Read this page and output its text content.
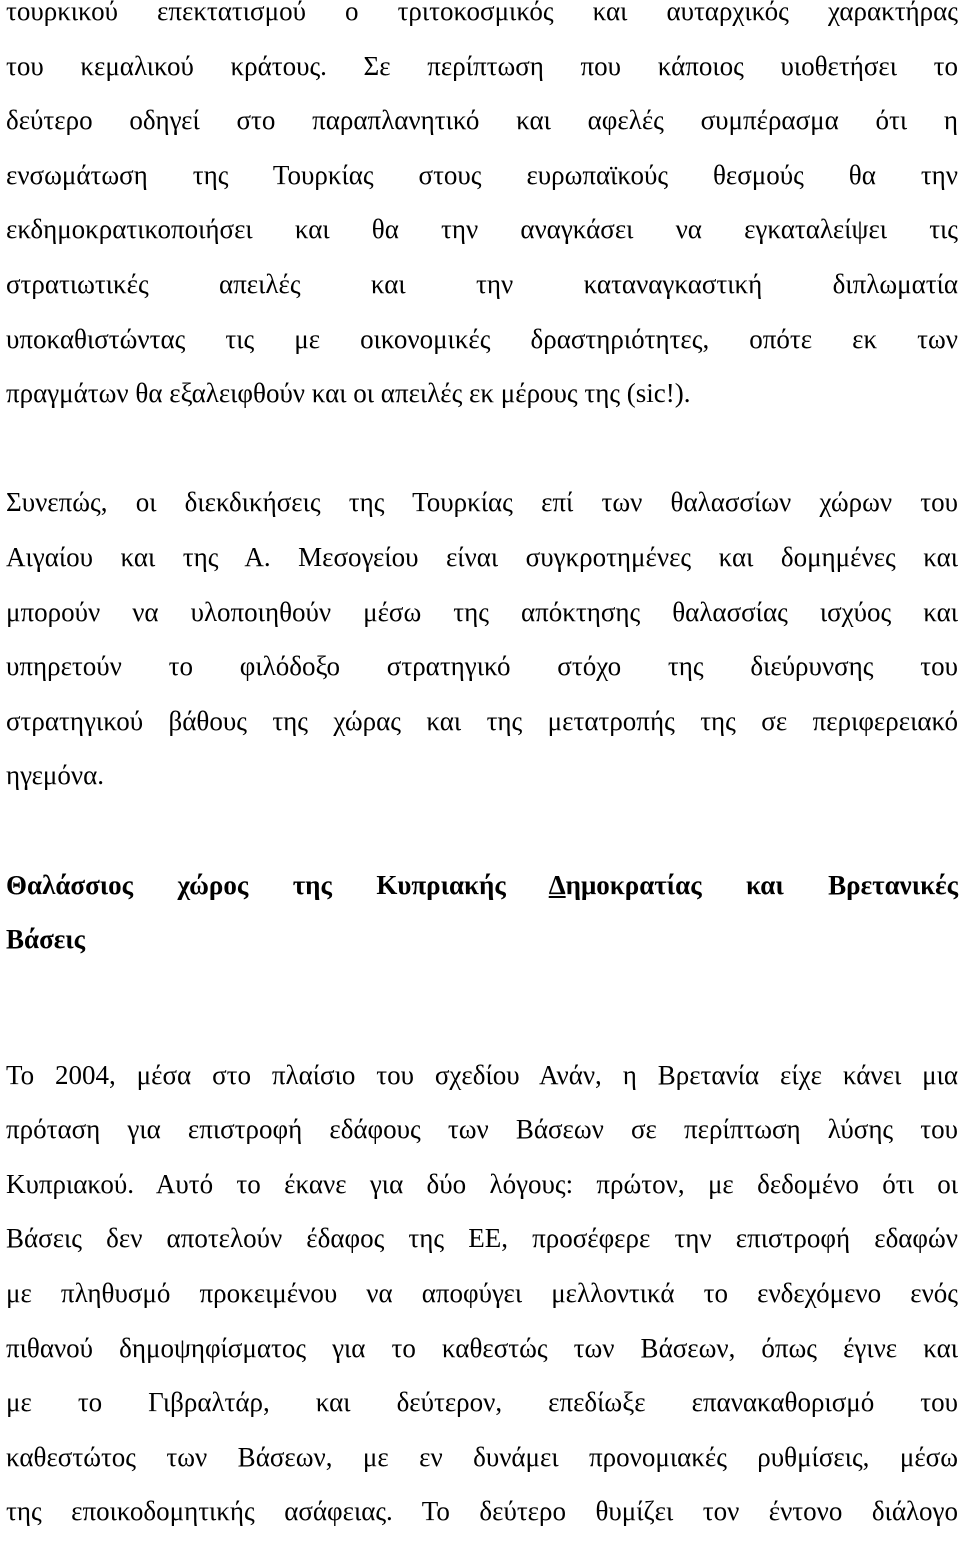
τουρκικού επεκτατισμού ο τριτοκοσμικός και αυταρχικός χαρακτήρας
του κεμαλικού κράτους. Σε περίπτωση που κάποιος υιοθετήσει το
δεύτερο οδηγεί στο παραπλανητικό και αφελές συμπέρασμα ότι η
ενσωμάτωση της Τουρκίας στους ευρωπαϊκούς θεσμούς θα την
εκδημοκρατικοποιήσει και θα την αναγκάσει να εγκαταλείψει τις
στρατιωτικές απειλές και την καταναγκαστική διπλωματία
υποκαθιστώντας τις με οικονομικές δραστηριότητες, οπότε εκ των
πραγμάτων θα εξαλειφθούν και οι απειλές εκ μέρους της (sic!).
Συνεπώς, οι διεκδικήσεις της Τουρκίας επί των θαλασσίων χώρων του
Αιγαίου και της Α. Μεσογείου είναι συγκροτημένες και δομημένες και
μπορούν να υλοποιηθούν μέσω της απόκτησης θαλασσίας ισχύος και
υπηρετούν το φιλόδοξο στρατηγικό στόχο της διεύρυνσης του
στρατηγικού βάθους της χώρας και της μετατροπής της σε περιφερειακό
ηγεμόνα.
Θαλάσσιος χώρος της Κυπριακής Δημοκρατίας και Βρετανικές
Βάσεις
Το 2004, μέσα στο πλαίσιο του σχεδίου Ανάν, η Βρετανία είχε κάνει μια
πρόταση για επιστροφή εδάφους των Βάσεων σε περίπτωση λύσης του
Κυπριακού. Αυτό το έκανε για δύο λόγους: πρώτον, με δεδομένο ότι οι
Βάσεις δεν αποτελούν έδαφος της ΕΕ, προσέφερε την επιστροφή εδαφών
με πληθυσμό προκειμένου να αποφύγει μελλοντικά το ενδεχόμενο ενός
πιθανού δημοψηφίσματος για το καθεστώς των Βάσεων, όπως έγινε και
με το Γιβραλτάρ, και δεύτερον, επεδίωξε επανακαθορισμό του
καθεστώτος των Βάσεων, με εν δυνάμει προνομιακές ρυθμίσεις, μέσω
της εποικοδομητικής ασάφειας. Το δεύτερο θυμίζει τον έντονο διάλογο
